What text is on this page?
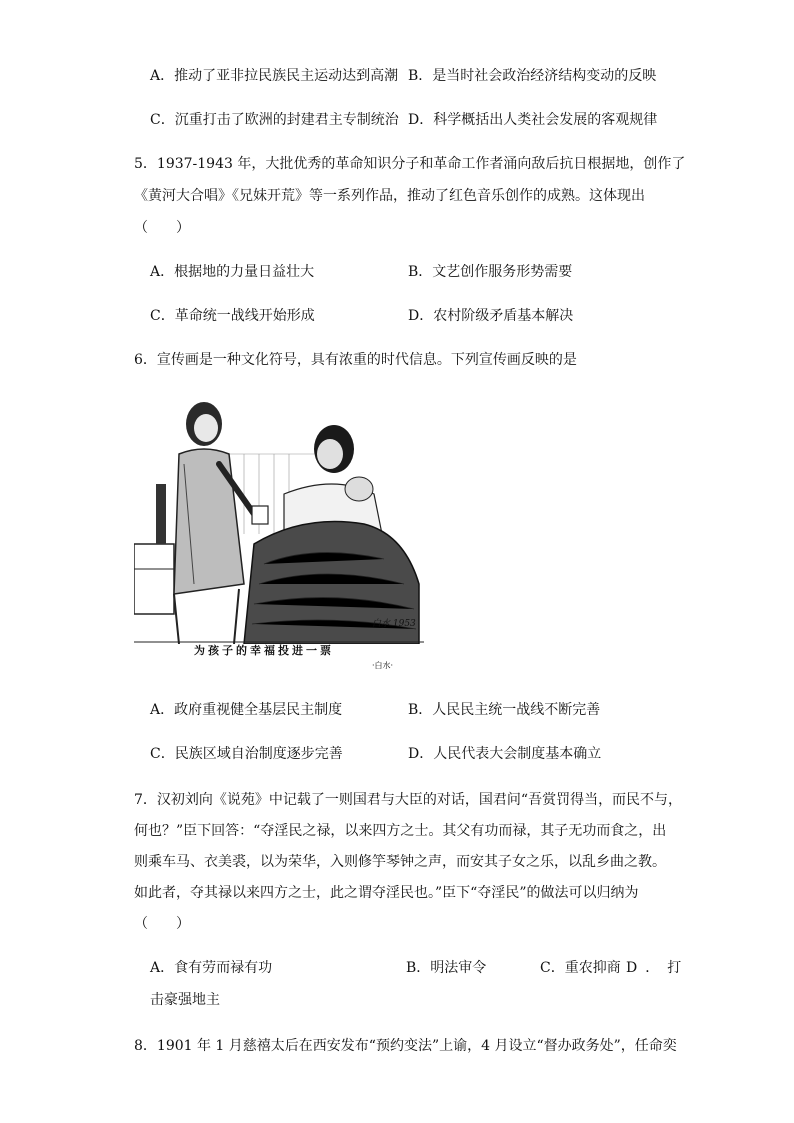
A．推动了亚非拉民族民主运动达到高潮 B．是当时社会政治经济结构变动的反映
C．沉重打击了欧洲的封建君主专制统治 D．科学概括出人类社会发展的客观规律
5．1937-1943 年，大批优秀的革命知识分子和革命工作者涌向敌后抗日根据地，创作了
《黄河大合唱》《兄妹开荒》等一系列作品，推动了红色音乐创作的成熟。这体现出
（　　）
A．根据地的力量日益壮大	B．文艺创作服务形势需要
C．革命统一战线开始形成	D．农村阶级矛盾基本解决
6．宣传画是一种文化符号，具有浓重的时代信息。下列宣传画反映的是
白水 1953
为孩子的幸福投进一票
·白水·
A．政府重视健全基层民主制度	B．人民民主统一战线不断完善
C．民族区域自治制度逐步完善	D．人民代表大会制度基本确立
7．汉初刘向《说苑》中记载了一则国君与大臣的对话，国君问“吾赏罚得当，而民不与，
何也？”臣下回答：“夺淫民之禄，以来四方之士。其父有功而禄，其子无功而食之，出
则乘车马、衣美裘，以为荣华，入则修竽琴钟之声，而安其子女之乐，以乱乡曲之教。
如此者，夺其禄以来四方之士，此之谓夺淫民也。”臣下“夺淫民”的做法可以归纳为
（　　）
A．食有劳而禄有功	B．明法审令	C．重农抑商 D．打
击豪强地主
8．1901 年 1 月慈禧太后在西安发布“预约变法”上谕，4 月设立“督办政务处”，任命奕
